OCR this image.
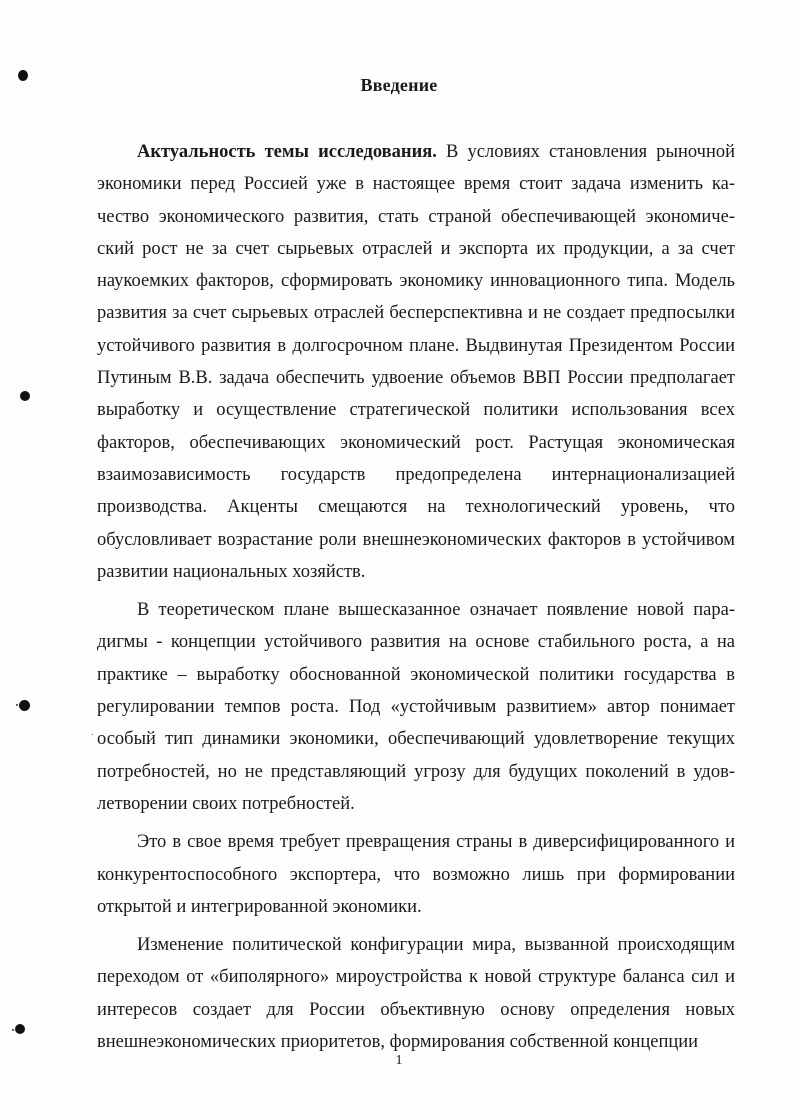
Введение

Актуальность темы исследования. В условиях становления рыночной экономики перед Россией уже в настоящее время стоит задача изменить качество экономического развития, стать страной обеспечивающей экономический рост не за счет сырьевых отраслей и экспорта их продукции, а за счет наукоемких факторов, сформировать экономику инновационного типа. Модель развития за счет сырьевых отраслей бесперспективна и не создает предпосылки устойчивого развития в долгосрочном плане. Выдвинутая Президентом России Путиным В.В. задача обеспечить удвоение объемов ВВП России предполагает выработку и осуществление стратегической политики использования всех факторов, обеспечивающих экономический рост. Растущая экономическая взаимозависимость государств предопределена интернационализацией производства. Акценты смещаются на технологический уровень, что обусловливает возрастание роли внешнеэкономических факторов в устойчивом развитии национальных хозяйств.

В теоретическом плане вышесказанное означает появление новой парадигмы - концепции устойчивого развития на основе стабильного роста, а на практике – выработку обоснованной экономической политики государства в регулировании темпов роста. Под «устойчивым развитием» автор понимает особый тип динамики экономики, обеспечивающий удовлетворение текущих потребностей, но не представляющий угрозу для будущих поколений в удовлетворении своих потребностей.

Это в свое время требует превращения страны в диверсифицированного и конкурентоспособного экспортера, что возможно лишь при формировании открытой и интегрированной экономики.

Изменение политической конфигурации мира, вызванной происходящим переходом от «биполярного» мироустройства к новой структуре баланса сил и интересов создает для России объективную основу определения новых внешнеэкономических приоритетов, формирования собственной концепции

1
